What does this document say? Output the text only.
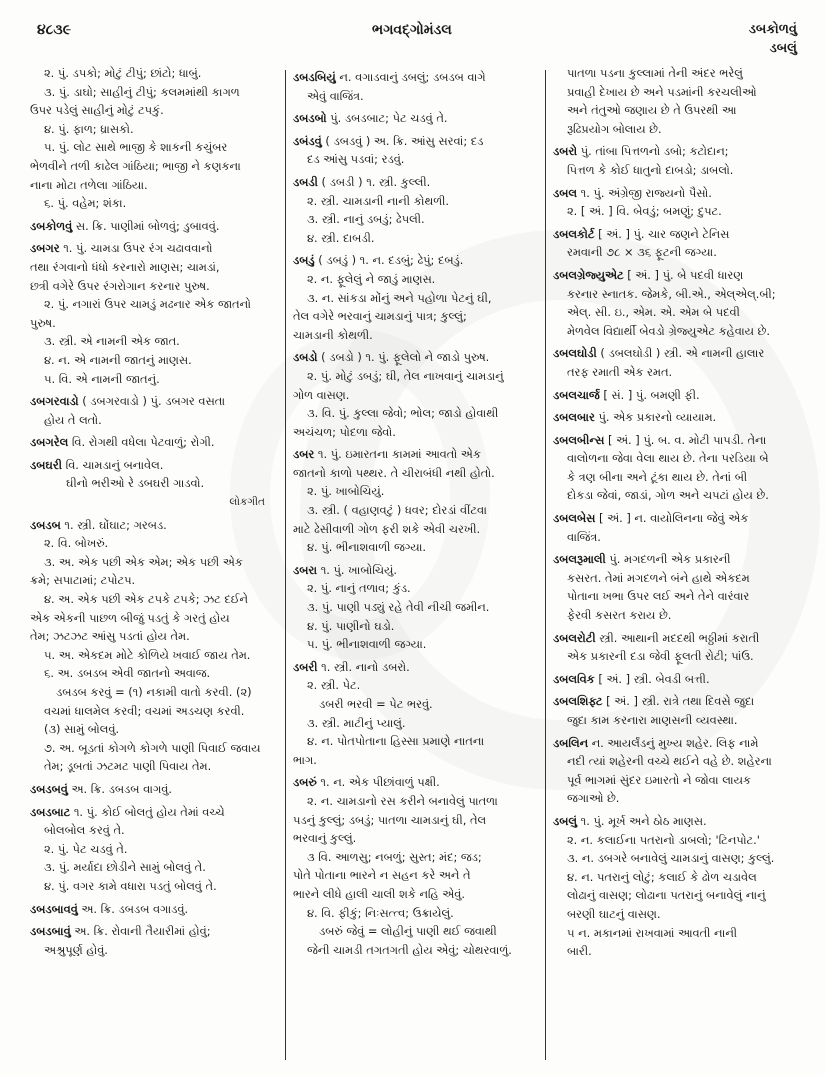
૪૮૩૯	ભગવદ્ગોમંડલ	ડબકોળવું
ડબલું
૨. પું. ડપકો; મોટું ટીપું; છાંટો; ધાબું.
૩. પું. ડાઘો; સાહીનું ટીપું; કલમમાંથી કાગળ
ઉપર પડેલું સાહીનું મોટું ટપકું.
૪. પું. ફાળ; ધ્રાસકો.
૫. પું. લોટ સાથે ભાજી કે શાકની કચુંબર
ભેળવીને તળી કાઢેલ ગાંઠિયા; ભાજી ને કણકના
નાના મોટા તળેલા ગાંઠિયા.
૬. પું. વહેમ; શંકા.
ડબકોળવું સ. ક્રિ. પાણીમાં બોળવું; ડુબાવવું.
ડબગર ૧. પું. ચામડા ઉપર રંગ ચઢાવવાનો
તથા રંગવાનો ધંધો કરનારો માણસ; ચામડાં,
છત્રી વગેરે ઉપર રંગરોગાન કરનાર પુરુષ.
૨. પું. નગારાં ઉપર ચામડું મઢનાર એક જાતનો
પુરુષ.
૩. સ્ત્રી. એ નામની એક જાત.
૪. ન. એ નામની જાતનું માણસ.
૫. વિ. એ નામની જાતનું.
ડબગરવાડો ( ડબગરવાડો ) પું. ડબગર વસતા
હોય તે લતો.
ડબગરેલ વિ. રોગથી વધેલા પેટવાળું; રોગી.
ડબઘરી વિ. ચામડાનું બનાવેલ.
ઘીનો ભરીઓ રે ડબઘરી ગાડવો.
લોકગીત
ડબડબ ૧. સ્ત્રી. ઘોંઘાટ; ગરબડ.
૨. વિ. બોખરું.
૩. અ. એક પછી એક એમ; એક પછી એક
ક્રમે; સપાટામાં; ટપોટપ.
૪. અ. એક પછી એક ટપકે ટપકે; ઝટ દઈને
એક એકની પાછળ બીજું પડતું કે ગરતું હોય
તેમ; ઝટઝટ આંસુ પડતાં હોય તેમ.
૫. અ. એકદમ મોટે કોળિયે ખવાઈ જાય તેમ.
૬. અ. ડબડબ એવી જાતનો અવાજ.
ડબડબ કરવું = (૧) નકામી વાતો કરવી. (૨)
વચમાં ધાલમેલ કરવી; વચમાં અડચણ કરવી.
(૩) સામું બોલવું.
૭. અ. બૂડતાં કોગળે કોગળે પાણી પિવાઈ જવાય
તેમ; ડૂબતાં ઝટમટ પાણી પિવાય તેમ.
ડબડબવું અ. ક્રિ. ડબડબ વાગવું.
ડબડબાટ ૧. પું. કોઈ બોલતું હોય તેમાં વચ્ચે
બોલબોલ કરવું તે.
૨. પું. પેટ ચડવું તે.
૩. પું. મર્યાદા છોડીને સામું બોલવું તે.
૪. પું. વગર કામે વધારા પડતું બોલવું તે.
ડબડબાવવું અ. ક્રિ. ડબડબ વગાડવું.
ડબડબાવું અ. ક્રિ. રોવાની તૈયારીમાં હોવું;
અશ્રુપૂર્ણ હોવું.
ડબડબિયું ન. વગાડવાનું ડબલું; ડબડબ વાગે
એવું વાજિંત્ર.
ડબડબો પું. ડબડબાટ; પેટ ચડવું તે.
ડબંડવું ( ડબડવું ) અ. ક્રિ. આંસુ સરવાં; દડ
દડ આંસુ પડવાં; રડવું.
ડબડી ( ડબડી ) ૧. સ્ત્રી. કુલ્લી.
૨. સ્ત્રી. ચામડાની નાની કોથળી.
૩. સ્ત્રી. નાનું ડબડું; ઢેપલી.
૪. સ્ત્રી. દાબડી.
ડબડું ( ડબડું ) ૧. ન. દડબું; ઢેપું; દબડું.
૨. ન. ફૂલેલું ને જાડું માણસ.
૩. ન. સાંકડા મોંનું અને પહોળા પેટનું ઘી,
તેલ વગેરે ભરવાનું ચામડાનું પાત્ર; કુલ્લું;
ચામડાની કોથળી.
ડબડો ( ડબડો ) ૧. પું. ફૂલેલો ને જાડો પુરુષ.
૨. પું. મોટું ડબડું; ઘી, તેલ નાખવાનું ચામડાનું
ગોળ વાસણ.
૩. વિ. પું. કુલ્લા જેવો; ભોલ; જાડો હોવાથી
અચંચળ; પોદળા જેવો.
ડબર ૧. પું. ઇમારતના કામમાં આવતો એક
જાતનો કાળો પથ્થર. તે ચીરાબંધી નથી હોતો.
૨. પું. ખાબોચિયું.
૩. સ્ત્રી. ( વહાણવટું ) ધવર; દોરડાં વીંટવા
માટે ઢેસીવાળી ગોળ ફરી શકે એવી ચરખી.
૪. પું. ભીનાશવાળી જગ્યા.
ડબરા ૧. પું. ખાબોચિયું.
૨. પું. નાનું તળાવ; કુંડ.
૩. પું. પાણી પડ્યું રહે તેવી નીચી જમીન.
૪. પું. પાણીનો ઘડો.
૫. પું. ભીનાશવાળી જગ્યા.
ડબરી ૧. સ્ત્રી. નાનો ડબરો.
૨. સ્ત્રી. પેટ.
ડબરી ભરવી = પેટ ભરવું.
૩. સ્ત્રી. માટીનું પ્યાલું.
૪. ન. પોતપોતાના હિસ્સા પ્રમાણે નાતના
ભાગ.
ડબરું ૧. ન. એક પીછાંવાળું પક્ષી.
૨. ન. ચામડાનો રસ કરીને બનાવેલું પાતળા
પડનું કુલ્લું; ડબડું; પાતળા ચામડાનું ઘી, તેલ
ભરવાનું કુલ્લું.
૩ વિ. આળસુ; નબળું; સુસ્ત; મંદ; જડ;
પોતે પોતાના ભારને ન સહન કરે અને તે
ભારને લીધે હાલી ચાલી શકે નહિ એવું.
૪. વિ. ફીકું; નિઃસત્ત્વ; ઉક્રાયેલું.
ડબરું જેવું = લોહીનું પાણી થઈ જવાથી
જેની ચામડી તગતગતી હોય એવું; ચોથરવાળું.
પાતળા પડના કુલ્લામાં તેની અંદર ભરેલું
પ્રવાહી દેખાય છે અને પડમાંની કરચલીઓ
અને તંતુઓ જણાય છે તે ઉપરથી આ
રૂઢિપ્રયોગ બોલાય છે.
ડબરો પું. તાંબા પિત્તળનો ડબો; કટોદાન;
પિત્તળ કે કોઈ ધાતુનો દાબડો; ડાબલો.
ડબલ ૧. પું. અંગ્રેજી રાજ્યનો પૈસો.
૨. [ અં. ] વિ. બેવડું; બમણું; દુપટ.
ડબલકોર્ટ [ અં. ] પું. ચાર જણને ટેનિસ
રમવાની ૭૮ × ૩૬ ફૂટની જગ્યા.
ડબલગ્રેજ્યુએટ [ અં. ] પું. બે પદવી ધારણ
કરનાર સ્નાતક. જેમકે, બી.એ., એલ્‌એલ્‌.બી;
એલ્‌. સી. ઇ., એમ. એ. એમ બે પદવી
મેળવેલ વિદ્યાર્થી બેવડો ગ્રેજ્યુએટ કહેવાય છે.
ડબલઘોડી ( ડબલઘોડી ) સ્ત્રી. એ નામની હાલાર
તરફ રમાતી એક રમત.
ડબલચાર્જ [ સં. ] પું. બમણી ફી.
ડબલબાર પું. એક પ્રકારનો વ્યાયામ.
ડબલબીન્સ [ અં. ] પું. બ. વ. મોટી પાપડી. તેના
વાલોળના જેવા વેલા થાય છે. તેના પરડિયા બે
કે ત્રણ બીના અને ટૂંકા થાય છે. તેનાં બી
દોકડા જેવાં, જાડાં, ગોળ અને ચપટાં હોય છે.
ડબલબેસ [ અં. ] ન. વાયોલિનના જેવું એક
વાજિંત્ર.
ડબલરૂમાલી પું. મગદળની એક પ્રકારની
કસરત. તેમાં મગદળને બંને હાથે એકદમ
પોતાના ખભા ઉપર લઈ અને તેને વારંવાર
ફેરવી કસરત કરાય છે.
ડબલરોટી સ્ત્રી. આથાની મદદથી ભઠ્ઠીમાં કરાતી
એક પ્રકારની દડા જેવી ફૂલતી રોટી; પાંઉ.
ડબલવિક [ અં. ] સ્ત્રી. બેવડી બત્તી.
ડબલશિફ્ટ [ અં. ] સ્ત્રી. રાત્રે તથા દિવસે જુદા
જુદા કામ કરનારા માણસની વ્યવસ્થા.
ડબલિન ન. આયર્લંડનું મુખ્ય શહેર. લિફ નામે
નદી ત્યાં શહેરની વચ્ચે થઈને વહે છે. શહેરના
પૂર્વ ભાગમાં સુંદર ઇમારતો ને જોવા લાયક
જગાઓ છે.
ડબલું ૧. પું. મૂર્ખ અને ઠોઠ માણસ.
૨. ન. કલાઈના પતરાનો ડાબલો; 'ટિનપોટ.'
૩. ન. ડબગરે બનાવેલું ચામડાનું વાસણ; કુલ્લું.
૪. ન. પતરાનું લોટું; કલાઈ કે ઢોળ ચડાવેલ
લોઢાનું વાસણ; લોઢાના પતરાનું બનાવેલું નાનું
બરણી ઘાટનું વાસણ.
૫ ન. મકાનમાં રાખવામાં આવતી નાની
બારી.
